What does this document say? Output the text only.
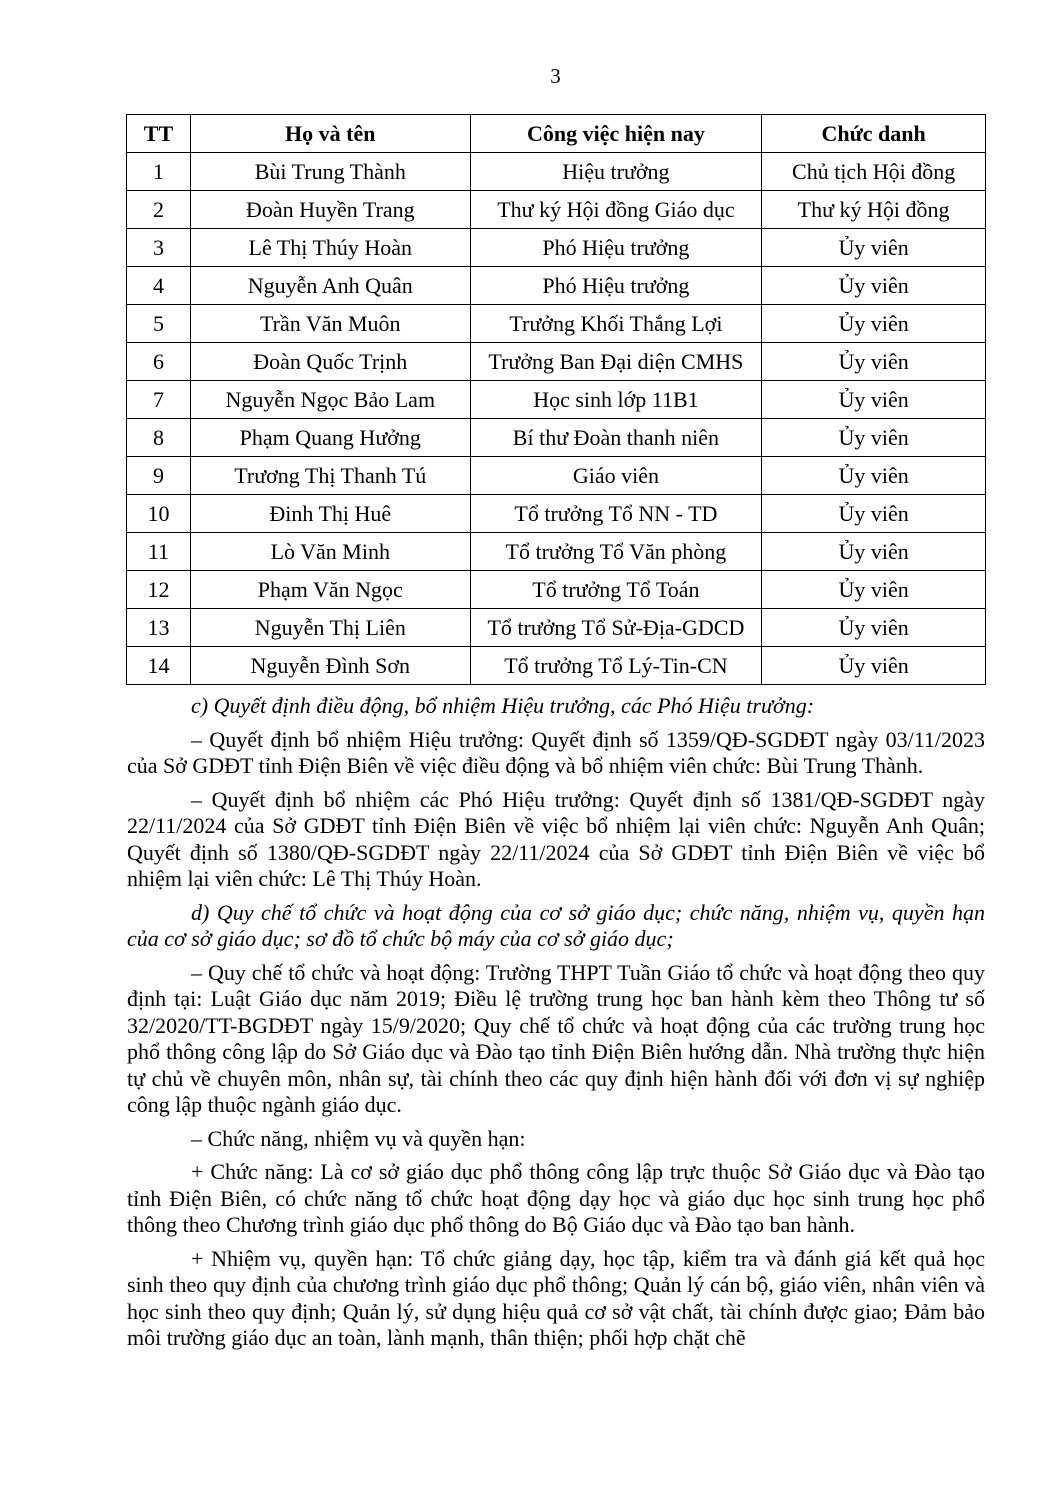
3
TT	Họ và tên	Công việc hiện nay	Chức danh
1	Bùi Trung Thành	Hiệu trưởng	Chủ tịch Hội đồng
2	Đoàn Huyền Trang	Thư ký Hội đồng Giáo dục	Thư ký Hội đồng
3	Lê Thị Thúy Hoàn	Phó Hiệu trưởng	Ủy viên
4	Nguyễn Anh Quân	Phó Hiệu trưởng	Ủy viên
5	Trần Văn Muôn	Trưởng Khối Thắng Lợi	Ủy viên
6	Đoàn Quốc Trịnh	Trưởng Ban Đại diện CMHS	Ủy viên
7	Nguyễn Ngọc Bảo Lam	Học sinh lớp 11B1	Ủy viên
8	Phạm Quang Hưởng	Bí thư Đoàn thanh niên	Ủy viên
9	Trương Thị Thanh Tú	Giáo viên	Ủy viên
10	Đinh Thị Huê	Tổ trưởng Tổ NN - TD	Ủy viên
11	Lò Văn Minh	Tổ trưởng Tổ Văn phòng	Ủy viên
12	Phạm Văn Ngọc	Tổ trưởng Tổ Toán	Ủy viên
13	Nguyễn Thị Liên	Tổ trưởng Tổ Sử-Địa-GDCD	Ủy viên
14	Nguyễn Đình Sơn	Tổ trưởng Tổ Lý-Tin-CN	Ủy viên

c) Quyết định điều động, bổ nhiệm Hiệu trưởng, các Phó Hiệu trưởng:

– Quyết định bổ nhiệm Hiệu trưởng: Quyết định số 1359/QĐ-SGDĐT ngày 03/11/2023 của Sở GDĐT tỉnh Điện Biên về việc điều động và bổ nhiệm viên chức: Bùi Trung Thành.

– Quyết định bổ nhiệm các Phó Hiệu trưởng: Quyết định số 1381/QĐ-SGDĐT ngày 22/11/2024 của Sở GDĐT tỉnh Điện Biên về việc bổ nhiệm lại viên chức: Nguyễn Anh Quân; Quyết định số 1380/QĐ-SGDĐT ngày 22/11/2024 của Sở GDĐT tỉnh Điện Biên về việc bổ nhiệm lại viên chức: Lê Thị Thúy Hoàn.

d) Quy chế tổ chức và hoạt động của cơ sở giáo dục; chức năng, nhiệm vụ, quyền hạn của cơ sở giáo dục; sơ đồ tổ chức bộ máy của cơ sở giáo dục;

– Quy chế tổ chức và hoạt động: Trường THPT Tuần Giáo tổ chức và hoạt động theo quy định tại: Luật Giáo dục năm 2019; Điều lệ trường trung học ban hành kèm theo Thông tư số 32/2020/TT-BGDĐT ngày 15/9/2020; Quy chế tổ chức và hoạt động của các trường trung học phổ thông công lập do Sở Giáo dục và Đào tạo tỉnh Điện Biên hướng dẫn. Nhà trường thực hiện tự chủ về chuyên môn, nhân sự, tài chính theo các quy định hiện hành đối với đơn vị sự nghiệp công lập thuộc ngành giáo dục.

– Chức năng, nhiệm vụ và quyền hạn:

+ Chức năng: Là cơ sở giáo dục phổ thông công lập trực thuộc Sở Giáo dục và Đào tạo tỉnh Điện Biên, có chức năng tổ chức hoạt động dạy học và giáo dục học sinh trung học phổ thông theo Chương trình giáo dục phổ thông do Bộ Giáo dục và Đào tạo ban hành.

+ Nhiệm vụ, quyền hạn: Tổ chức giảng dạy, học tập, kiểm tra và đánh giá kết quả học sinh theo quy định của chương trình giáo dục phổ thông; Quản lý cán bộ, giáo viên, nhân viên và học sinh theo quy định; Quản lý, sử dụng hiệu quả cơ sở vật chất, tài chính được giao; Đảm bảo môi trường giáo dục an toàn, lành mạnh, thân thiện; phối hợp chặt chẽ
